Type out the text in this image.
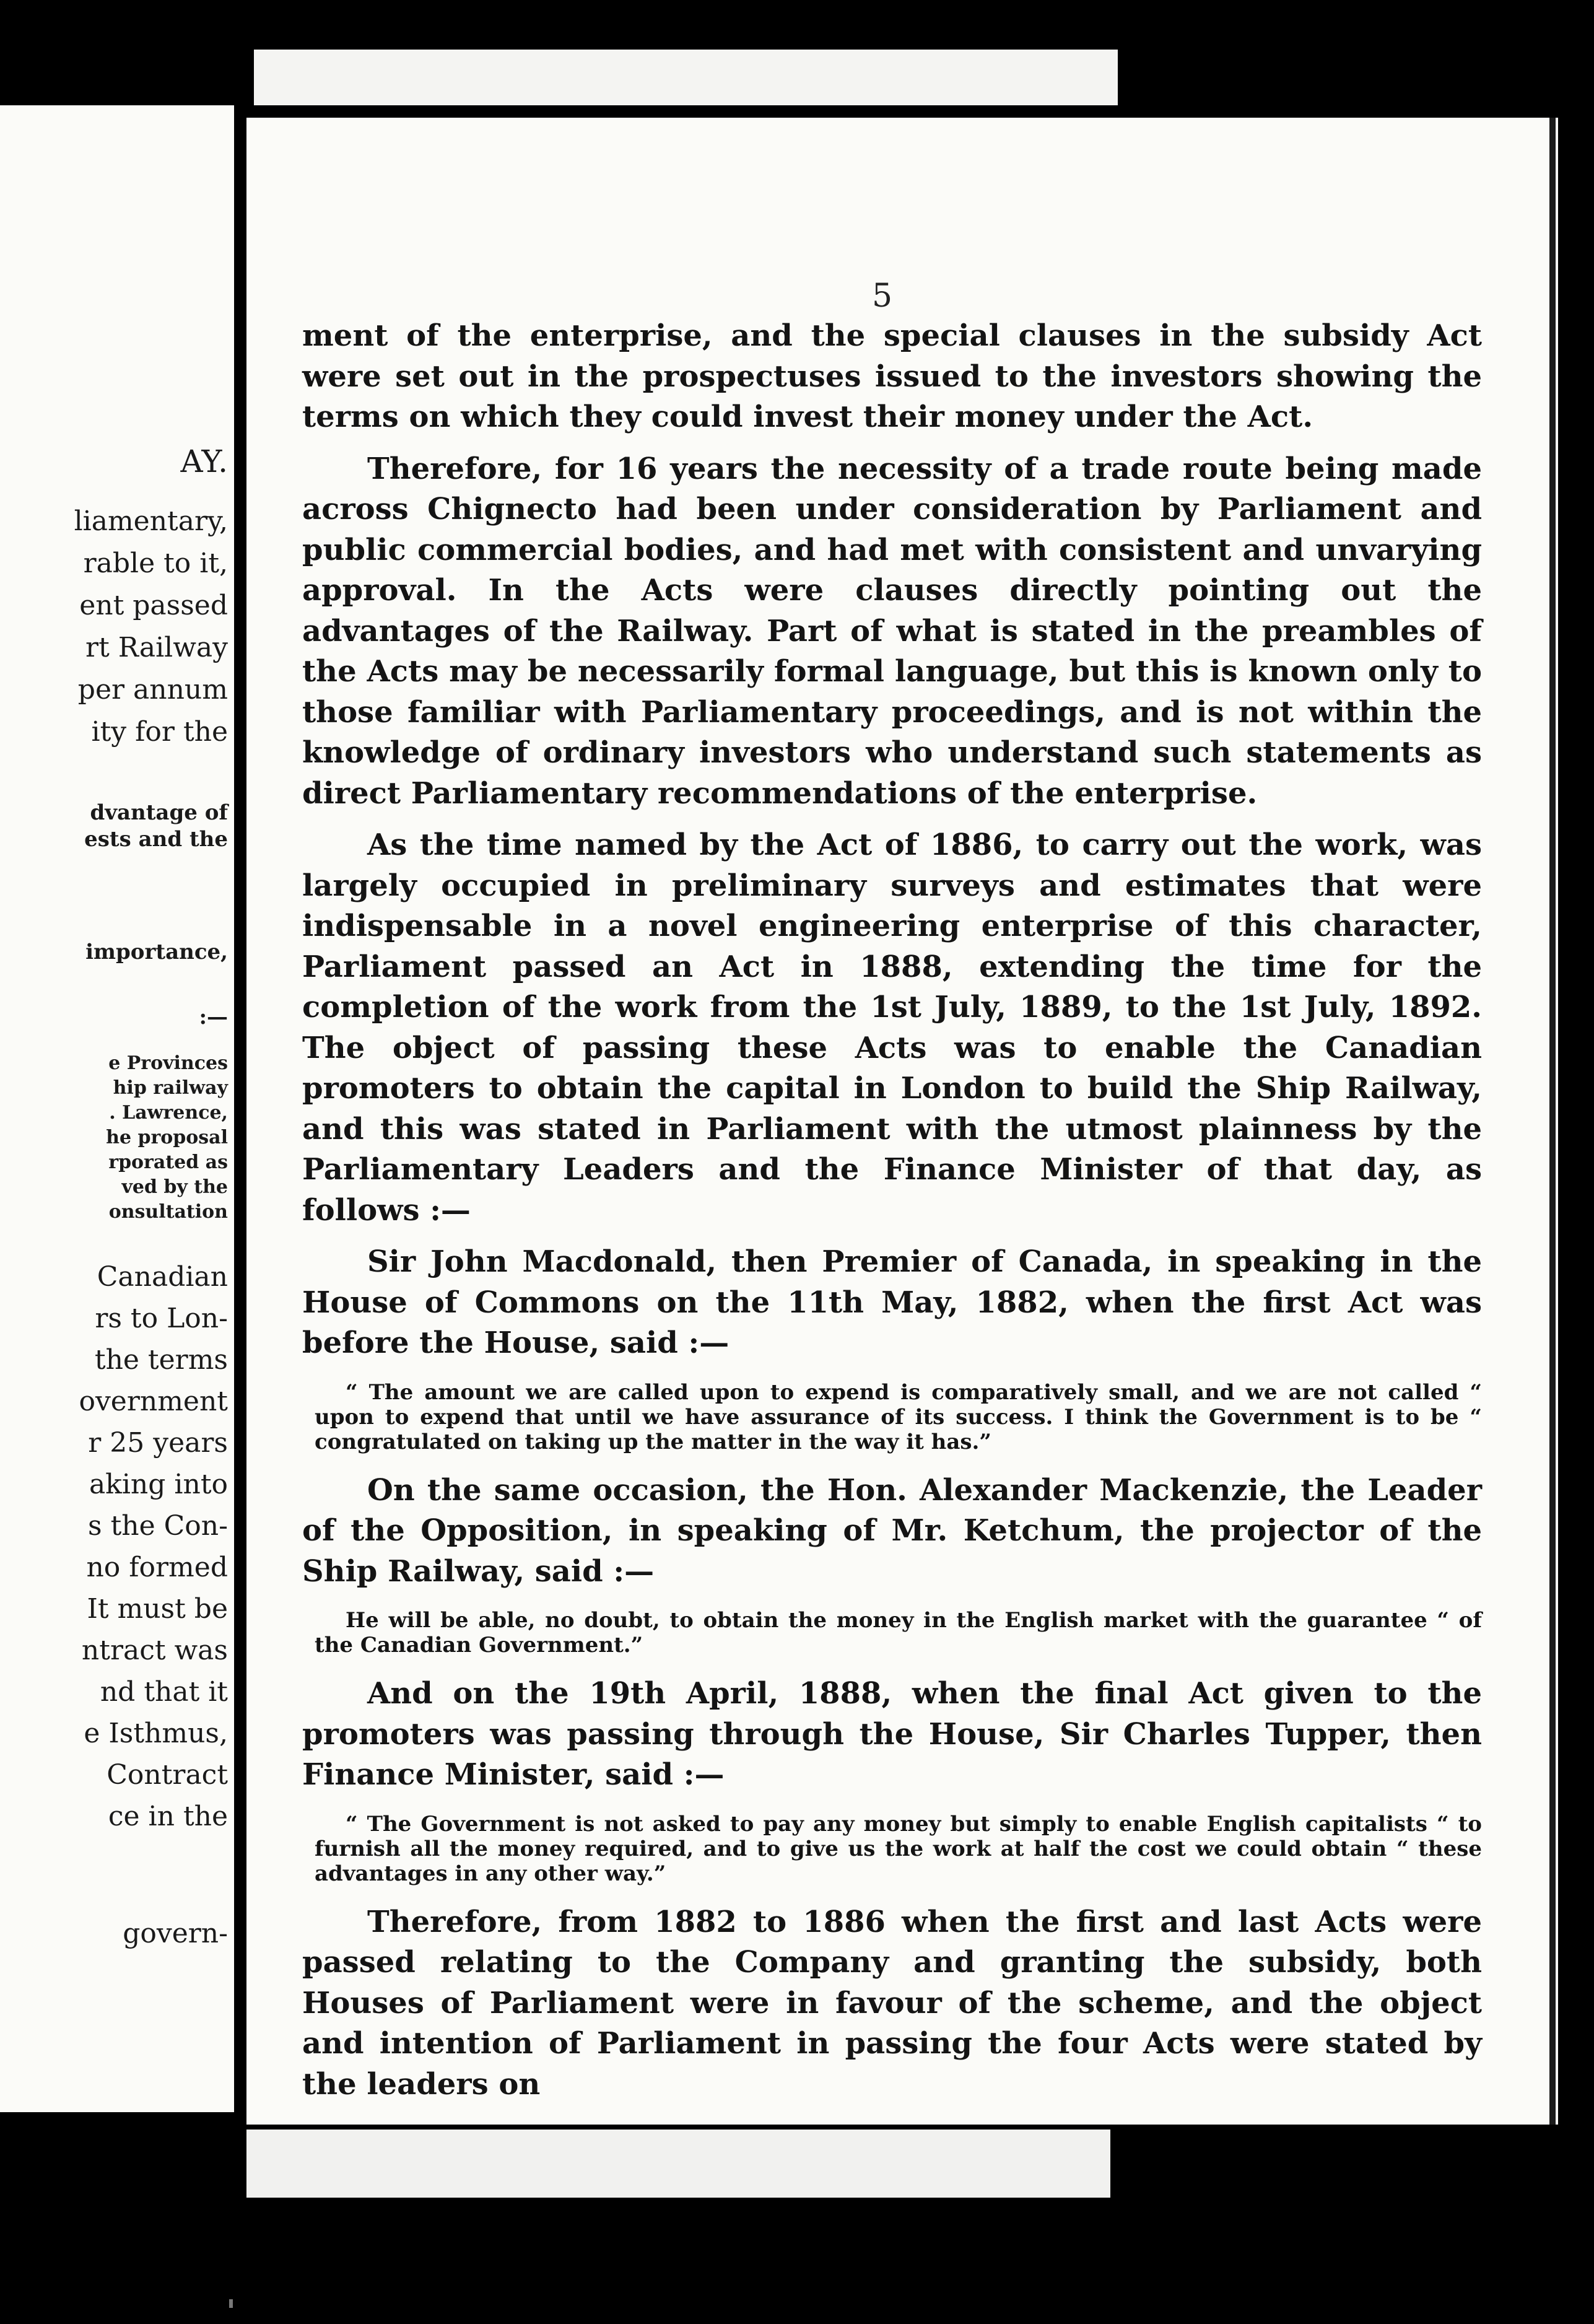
AY.

liamentary,

rable to it,

ent passed

rt Railway

per annum

ity for the

dvantage of

ests and the

importance,

:—

e Provinces

hip railway

. Lawrence,

he proposal

rporated as

ved by the

onsultation

Canadian

rs to Lon-

the terms

overnment

r 25 years

aking into

s the Con-

no formed

It must be

ntract was

nd that it

e Isthmus,

Contract

ce in the

govern-

5

ment of the enterprise, and the special clauses in the subsidy Act were set out in the prospectuses issued to the investors showing the terms on which they could invest their money under the Act.

Therefore, for 16 years the necessity of a trade route being made across Chignecto had been under consideration by Parliament and public commercial bodies, and had met with consistent and unvarying approval. In the Acts were clauses directly pointing out the advantages of the Railway. Part of what is stated in the preambles of the Acts may be necessarily formal language, but this is known only to those familiar with Parliamentary proceedings, and is not within the knowledge of ordinary investors who understand such statements as direct Parliamentary recommendations of the enterprise.

As the time named by the Act of 1886, to carry out the work, was largely occupied in preliminary surveys and estimates that were indispensable in a novel engineering enterprise of this character, Parliament passed an Act in 1888, extending the time for the completion of the work from the 1st July, 1889, to the 1st July, 1892. The object of passing these Acts was to enable the Canadian promoters to obtain the capital in London to build the Ship Railway, and this was stated in Parliament with the utmost plainness by the Parliamentary Leaders and the Finance Minister of that day, as follows :—

Sir John Macdonald, then Premier of Canada, in speaking in the House of Commons on the 11th May, 1882, when the first Act was before the House, said :—

“ The amount we are called upon to expend is comparatively small, and we are not called “ upon to expend that until we have assurance of its success. I think the Government is to be “ congratulated on taking up the matter in the way it has.”

On the same occasion, the Hon. Alexander Mackenzie, the Leader of the Opposition, in speaking of Mr. Ketchum, the projector of the Ship Railway, said :—

He will be able, no doubt, to obtain the money in the English market with the guarantee “ of the Canadian Government.”

And on the 19th April, 1888, when the final Act given to the promoters was passing through the House, Sir Charles Tupper, then Finance Minister, said :—

“ The Government is not asked to pay any money but simply to enable English capitalists “ to furnish all the money required, and to give us the work at half the cost we could obtain “ these advantages in any other way.”

Therefore, from 1882 to 1886 when the first and last Acts were passed relating to the Company and granting the subsidy, both Houses of Parliament were in favour of the scheme, and the object and intention of Parliament in passing the four Acts were stated by the leaders on
